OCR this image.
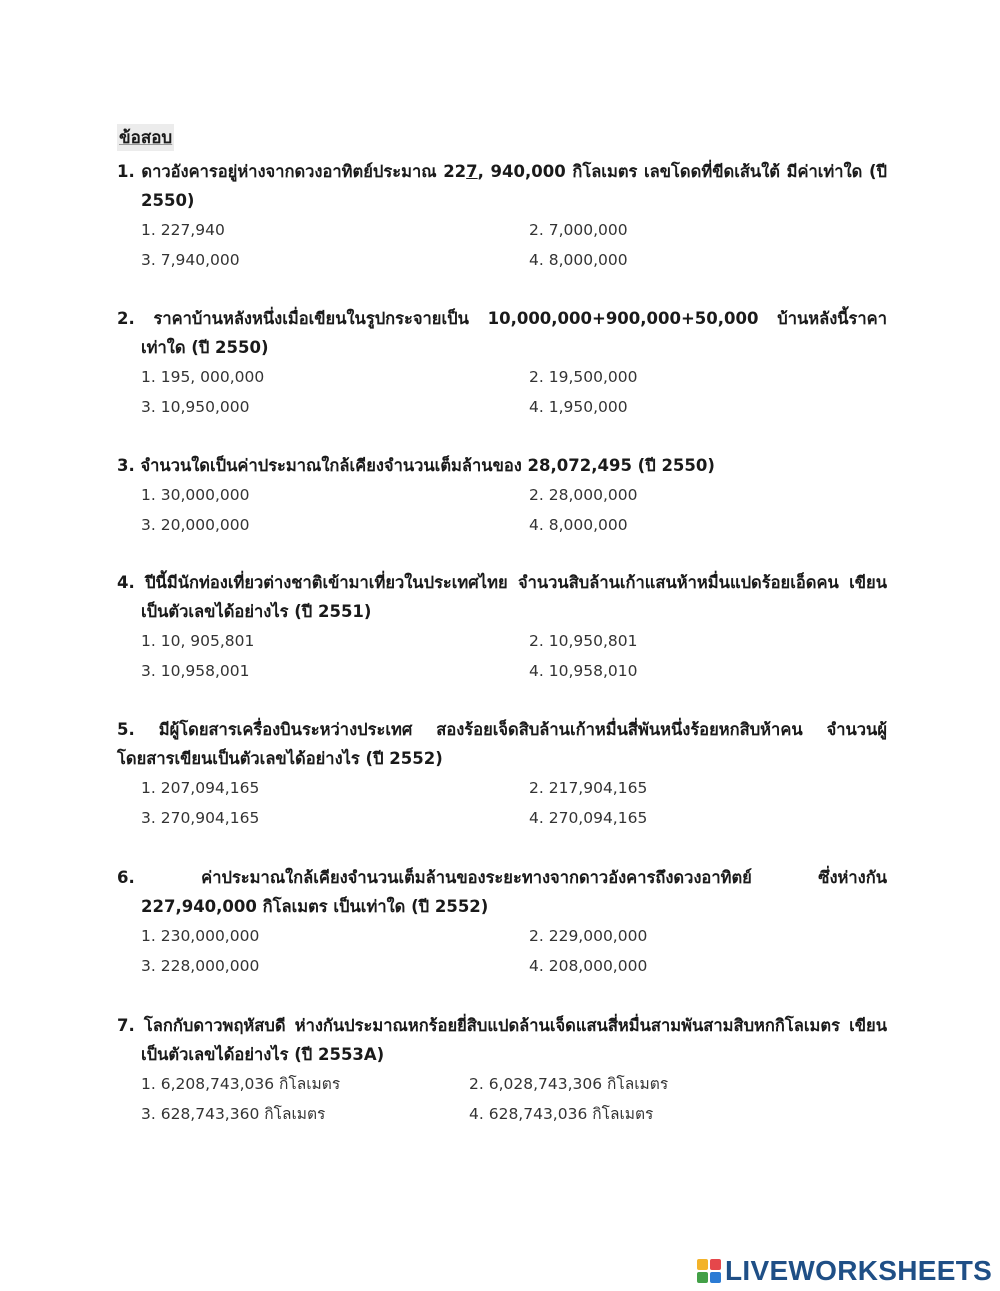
ข้อสอบ

1. ดาวอังคารอยู่ห่างจากดวงอาทิตย์ประมาณ 227, 940,000 กิโลเมตร เลขโดดที่ขีดเส้นใต้ มีค่าเท่าใด (ปี 2550)

1. 227,940	2. 7,000,000
3. 7,940,000	4. 8,000,000

2. ราคาบ้านหลังหนึ่งเมื่อเขียนในรูปกระจายเป็น 10,000,000+900,000+50,000 บ้านหลังนี้ราคาเท่าใด (ปี 2550)

1. 195, 000,000	2. 19,500,000
3. 10,950,000	4. 1,950,000

3. จำนวนใดเป็นค่าประมาณใกล้เคียงจำนวนเต็มล้านของ 28,072,495 (ปี 2550)

1. 30,000,000	2. 28,000,000
3. 20,000,000	4. 8,000,000

4. ปีนี้มีนักท่องเที่ยวต่างชาติเข้ามาเที่ยวในประเทศไทย จำนวนสิบล้านเก้าแสนห้าหมื่นแปดร้อยเอ็ดคน เขียนเป็นตัวเลขได้อย่างไร (ปี 2551)

1. 10, 905,801	2. 10,950,801
3. 10,958,001	4. 10,958,010

5. มีผู้โดยสารเครื่องบินระหว่างประเทศ สองร้อยเจ็ดสิบล้านเก้าหมื่นสี่พันหนึ่งร้อยหกสิบห้าคน จำนวนผู้โดยสารเขียนเป็นตัวเลขได้อย่างไร (ปี 2552)

1. 207,094,165	2. 217,904,165
3. 270,904,165	4. 270,094,165

6. ค่าประมาณใกล้เคียงจำนวนเต็มล้านของระยะทางจากดาวอังคารถึงดวงอาทิตย์ ซึ่งห่างกัน 227,940,000 กิโลเมตร เป็นเท่าใด (ปี 2552)

1. 230,000,000	2. 229,000,000
3. 228,000,000	4. 208,000,000

7. โลกกับดาวพฤหัสบดี ห่างกันประมาณหกร้อยยี่สิบแปดล้านเจ็ดแสนสี่หมื่นสามพันสามสิบหกกิโลเมตร เขียนเป็นตัวเลขได้อย่างไร (ปี 2553A)

1. 6,208,743,036 กิโลเมตร	2. 6,028,743,306 กิโลเมตร
3. 628,743,360 กิโลเมตร	4. 628,743,036 กิโลเมตร
LIVEWORKSHEETS
